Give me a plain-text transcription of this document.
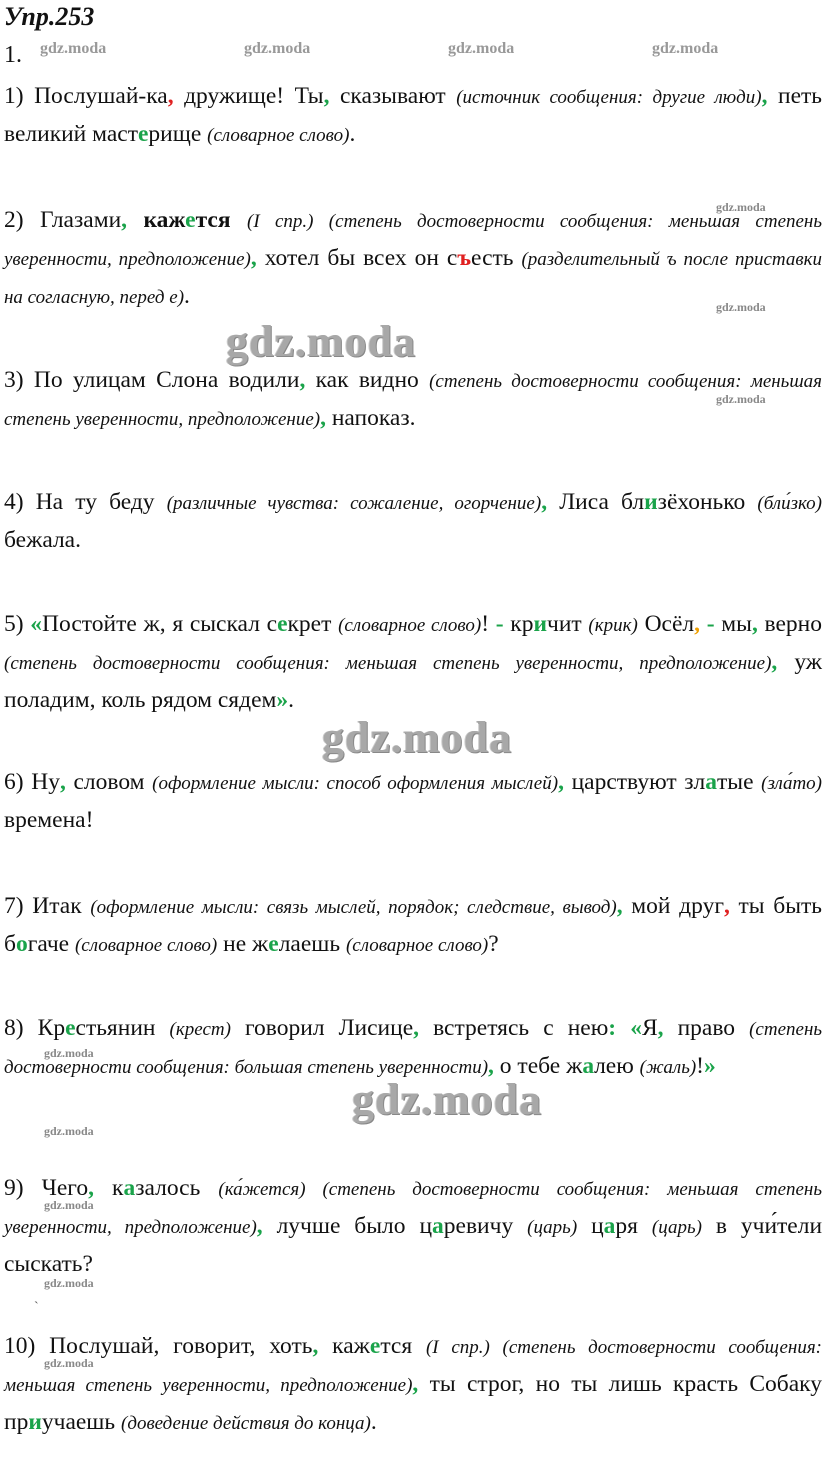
Упр.253
1. gdz.moda	gdz.moda	gdz.moda	gdz.moda
1) Послушай-ка, дружище! Ты, сказывают (источник сообщения: другие люди), петь великий мастерище (словарное слово).
2) Глазами, кажется (I спр.) (степень достоверности сообщения: меньшая степень уверенности, предположение), хотел бы всех он съесть (разделительный ъ после приставки на согласную, перед е).
3) По улицам Слона водили, как видно (степень достоверности сообщения: меньшая степень уверенности, предположение), напоказ.
4) На ту беду (различные чувства: сожаление, огорчение), Лиса близёхонько (бли́зко) бежала.
5) «Постойте ж, я сыскал секрет (словарное слово)! - кричит (крик) Осёл, - мы, верно (степень достоверности сообщения: меньшая степень уверенности, предположение), уж поладим, коль рядом сядем».
6) Ну, словом (оформление мысли: способ оформления мыслей), царствуют златые (зла́то) времена!
7) Итак (оформление мысли: связь мыслей, порядок; следствие, вывод), мой друг, ты быть богаче (словарное слово) не желаешь (словарное слово)?
8) Крестьянин (крест) говорил Лисице, встретясь с нею: «Я, право (степень достоверности сообщения: большая степень уверенности), о тебе жалею (жаль)!»
9) Чего, казалось (ка́жется) (степень достоверности сообщения: меньшая степень уверенности, предположение), лучше было царевичу (царь) царя (царь) в учи́тели сыскать?
10) Послушай, говорит, хоть, кажется (I спр.) (степень достоверности сообщения: меньшая степень уверенности, предположение), ты строг, но ты лишь красть Собаку приучаешь (доведение действия до конца).
gdz.moda
gdz.moda
gdz.moda
gdz.moda
gdz.moda
gdz.moda
gdz.moda
gdz.moda
gdz.moda
gdz.moda
gdz.moda
`
